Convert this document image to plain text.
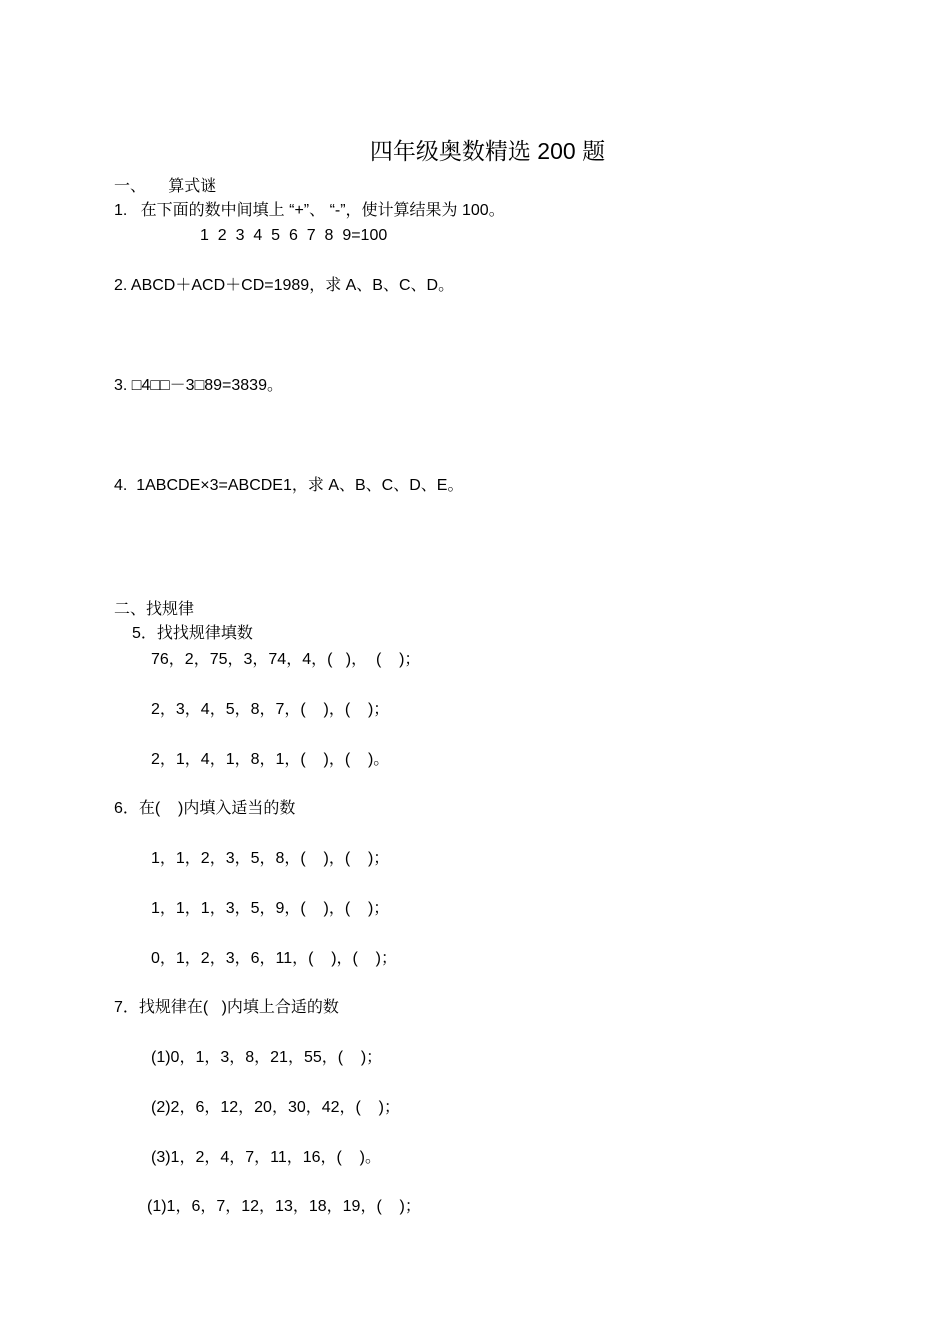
四年级奥数精选 200 题
一、     算式谜
1.   在下面的数中间填上 “+”、 “-”，使计算结果为 100。
1  2  3  4  5  6  7  8  9=100
2. ABCD＋ACD＋CD=1989，求 A、B、C、D。
3. □4□□－3□89=3839。
4.  1ABCDE×3=ABCDE1，求 A、B、C、D、E。
二、找规律
5．找找规律填数
76，2，75，3，74，4，(   )，  (    )；
2，3，4，5，8，7，(    )，(    )；
2，1，4，1，8，1，(    )，(    )。
6．在(    )内填入适当的数
1，1，2，3，5，8，(    )，(    )；
1，1，1，3，5，9，(    )，(    )；
0，1，2，3，6，11，(    )，(    )；
7．找规律在(   )内填上合适的数
(1)0，1，3，8，21，55，(    )；
(2)2，6，12，20，30，42，(    )；
(3)1，2，4，7，11，16，(    )。
(1)1，6，7，12，13，18，19，(    )；
